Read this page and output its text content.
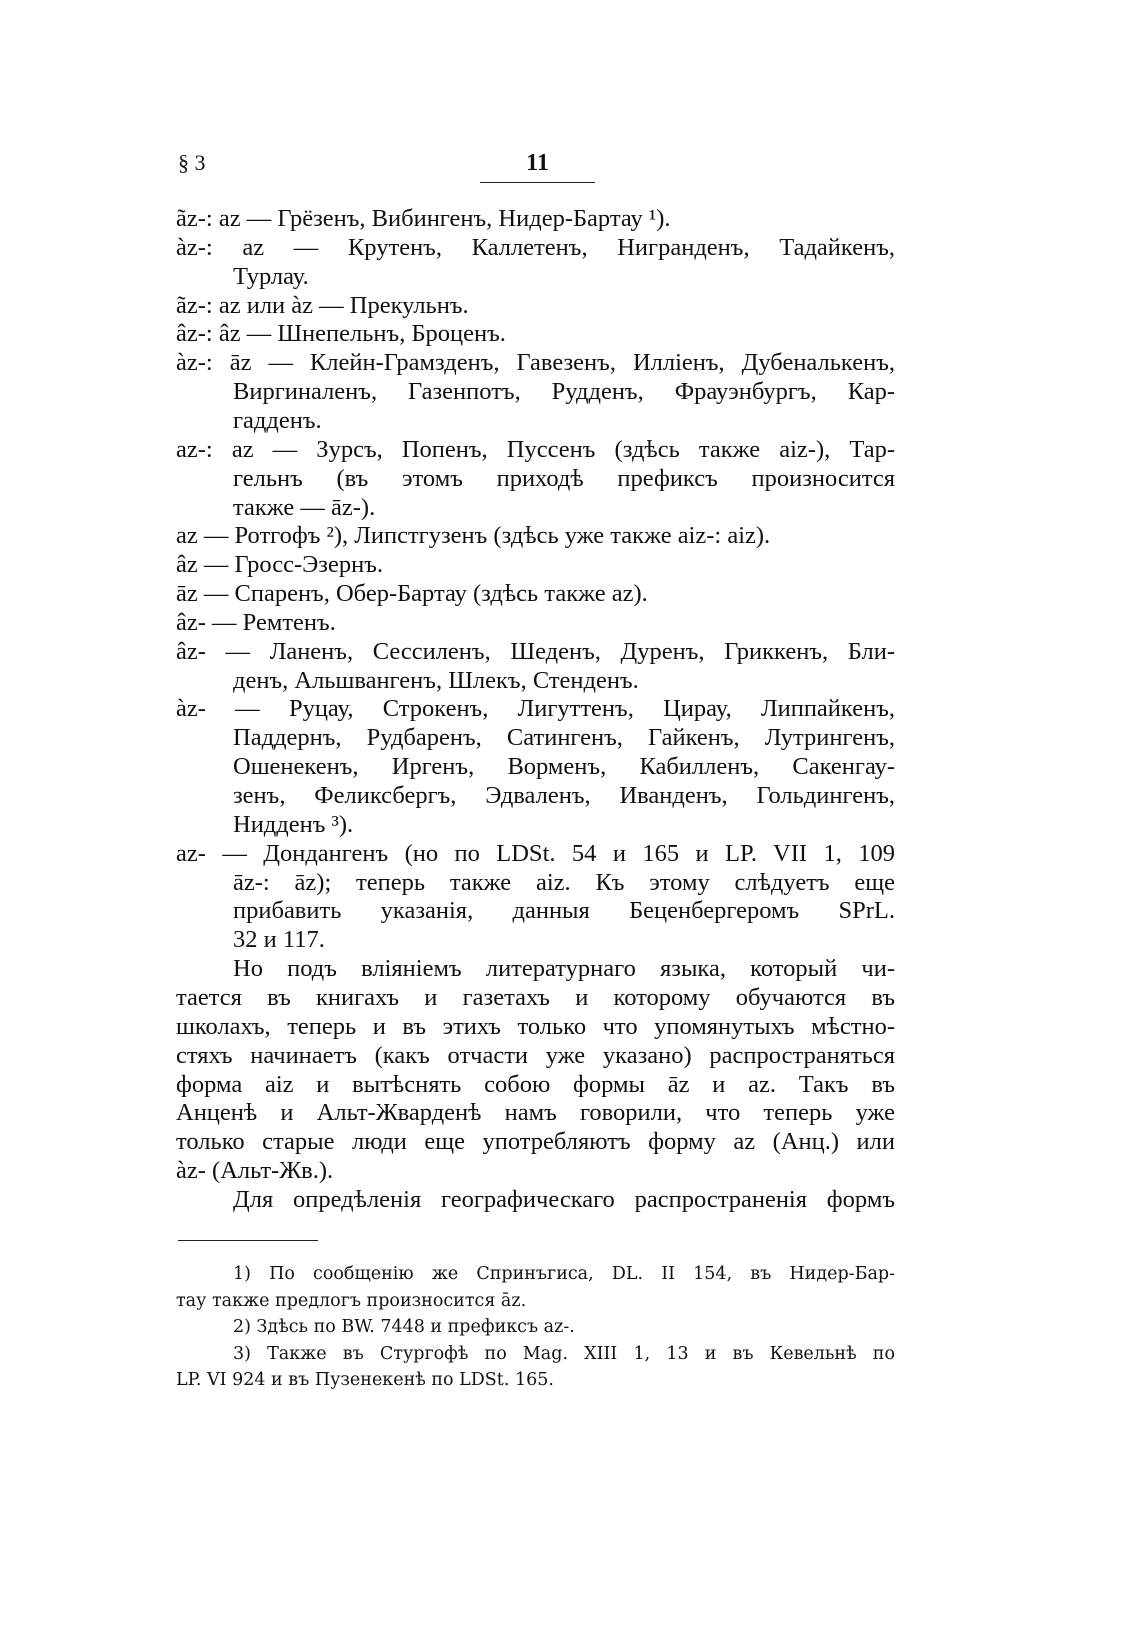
§ 3	11
ãz-: az — Грёзенъ, Вибингенъ, Нидер-Бартау ¹).
àz-: az — Крутенъ, Каллетенъ, Нигранденъ, Тадайкенъ,
Турлау.
ãz-: az или àz — Прекульнъ.
âz-: âz — Шнепельнъ, Броценъ.
àz-: āz — Клейн-Грамзденъ, Гавезенъ, Илліенъ, Дубеналькенъ,
Виргиналенъ, Газенпотъ, Рудденъ, Фрауэнбургъ, Кар-
гадденъ.
az-: az — Зурсъ, Попенъ, Пуссенъ (здѣсь также aiz-), Тар-
гельнъ (въ этомъ приходѣ префиксъ произносится
также — āz-).
az — Ротгофъ ²), Липстгузенъ (здѣсь уже также aiz-: aiz).
âz — Гросс-Эзернъ.
āz — Спаренъ, Обер-Бартау (здѣсь также az).
âz- — Ремтенъ.
âz- — Ланенъ, Сессиленъ, Шеденъ, Дуренъ, Гриккенъ, Бли-
денъ, Альшвангенъ, Шлекъ, Стенденъ.
àz- — Руцау, Строкенъ, Лигуттенъ, Цирау, Липпайкенъ,
Паддернъ, Рудбаренъ, Сатингенъ, Гайкенъ, Лутрингенъ,
Ошенекенъ, Иргенъ, Ворменъ, Кабилленъ, Сакенгау-
зенъ, Феликсбергъ, Эдваленъ, Иванденъ, Гольдингенъ,
Нидденъ ³).
az- — Дондангенъ (но по LDSt. 54 и 165 и LP. VII 1, 109
āz-: āz); теперь также aiz. Къ этому слѣдуетъ еще
прибавить указанія, данныя Беценбергеромъ SPrL.
32 и 117.
Но подъ вліяніемъ литературнаго языка, который чи-
тается въ книгахъ и газетахъ и которому обучаются въ
школахъ, теперь и въ этихъ только что упомянутыхъ мѣстно-
стяхъ начинаетъ (какъ отчасти уже указано) распространяться
форма aiz и вытѣснять собою формы āz и az. Такъ въ
Анценѣ и Альт-Жварденѣ намъ говорили, что теперь уже
только старые люди еще употребляютъ форму az (Анц.) или
àz- (Альт-Жв.).
Для опредѣленія географическаго распространенія формъ
1) По сообщенію же Спринъгиса, DL. II 154, въ Нидер-Бар-
тау также предлогъ произносится āz.
2) Здѣсь по BW. 7448 и префиксъ az-.
3) Также въ Стургофѣ по Mag. XIII 1, 13 и въ Кевельнѣ по
LP. VI 924 и въ Пузенекенѣ по LDSt. 165.
